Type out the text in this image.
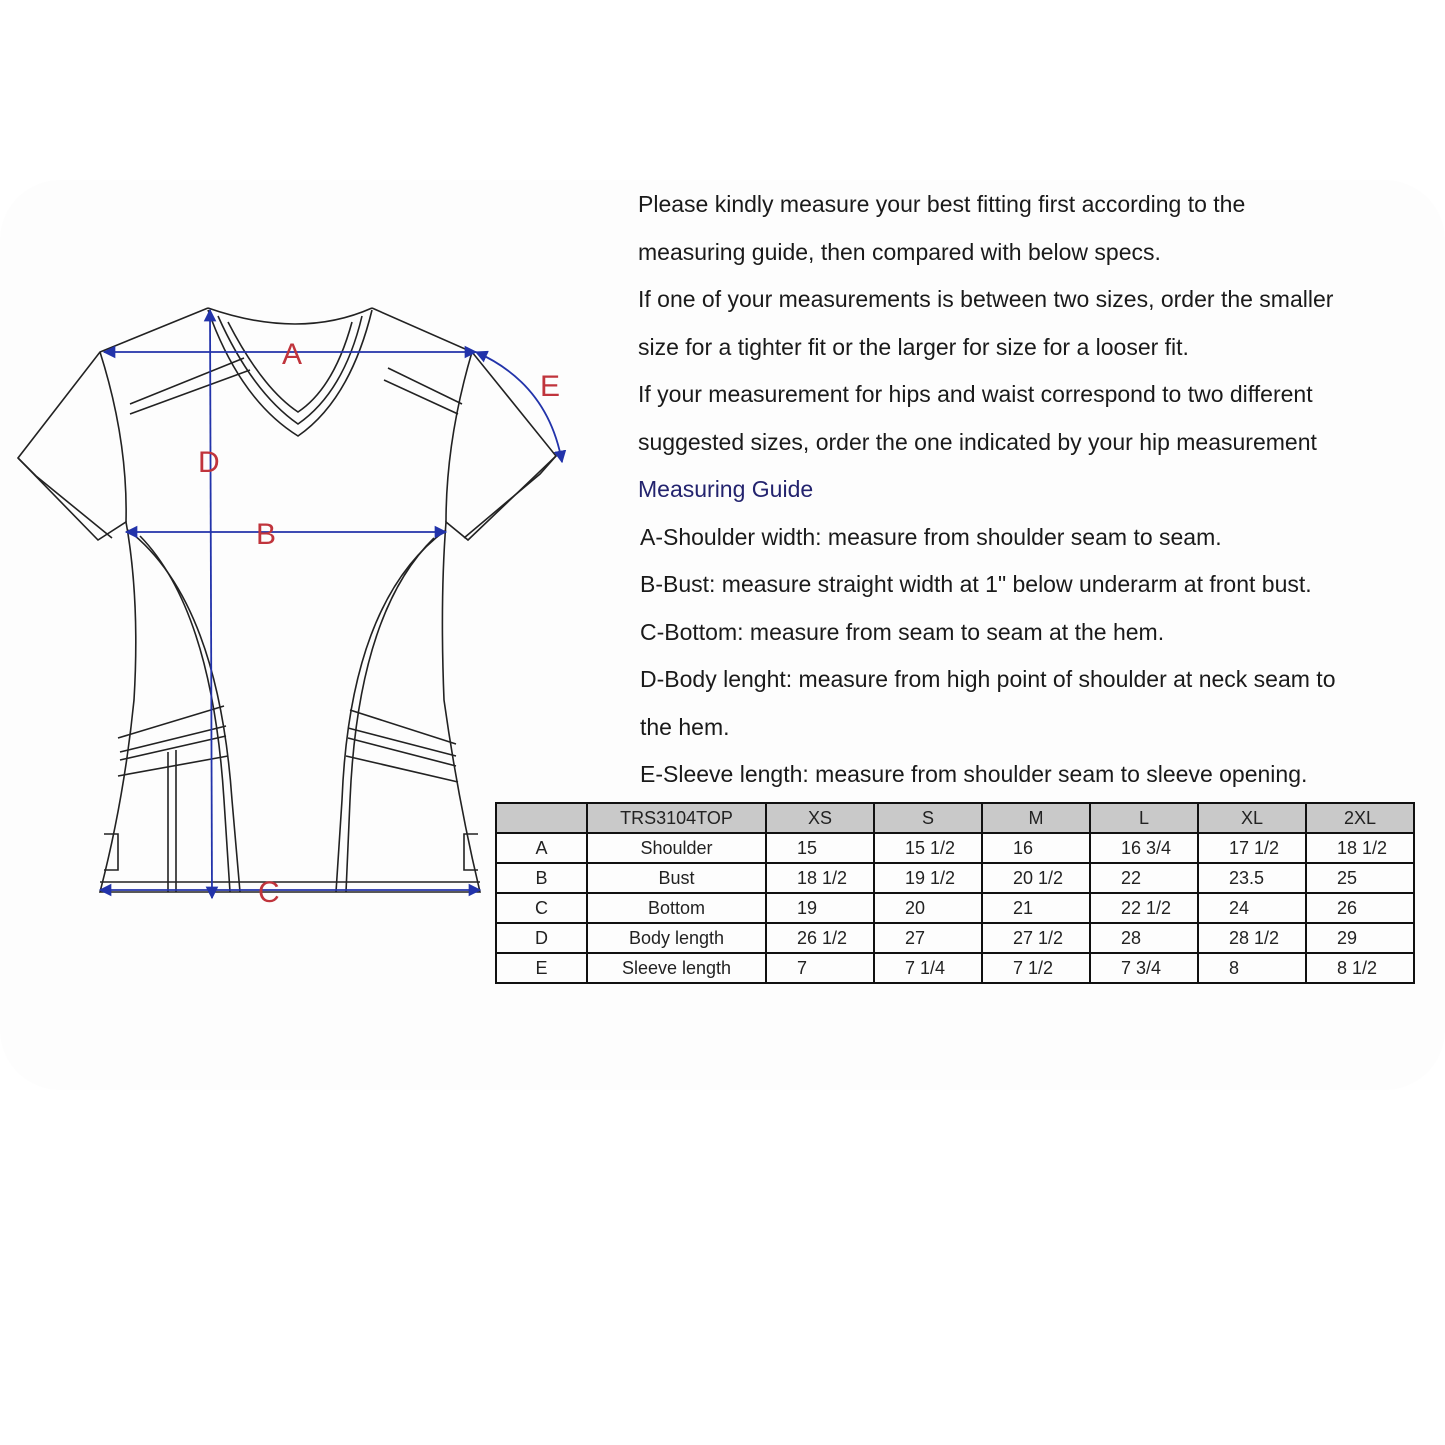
A
B
C
D
E
Please kindly measure your best fitting first according to the
measuring guide, then compared with below specs.
If one of your measurements is between two sizes, order the smaller
size for a tighter fit or the larger for size for a looser fit.
If your measurement for hips and waist correspond to two different
suggested sizes, order the one indicated by your hip measurement
Measuring Guide
A-Shoulder width: measure from shoulder seam to seam.
B-Bust: measure straight width at 1" below underarm at front bust.
C-Bottom: measure from seam to seam at the hem.
D-Body lenght: measure from high point of shoulder at neck seam to
the hem.
E-Sleeve length: measure from shoulder seam to sleeve opening.
	TRS3104TOP	XS	S	M	L	XL	2XL
A	Shoulder	15	15 1/2	16	16 3/4	17 1/2	18 1/2
B	Bust	18 1/2	19 1/2	20 1/2	22	23.5	25
C	Bottom	19	20	21	22 1/2	24	26
D	Body length	26 1/2	27	27 1/2	28	28 1/2	29
E	Sleeve length	7	7 1/4	7 1/2	7 3/4	8	8 1/2
